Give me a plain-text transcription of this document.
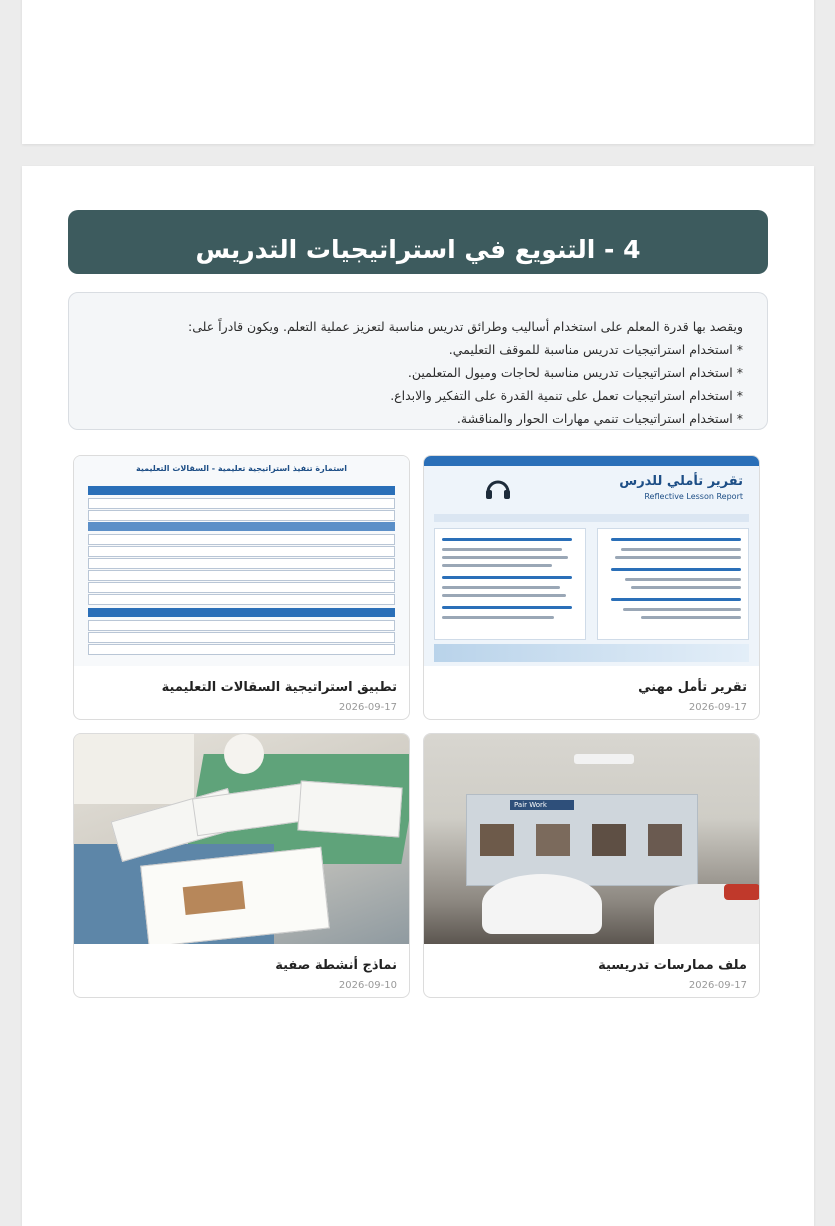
4 - التنويع في استراتيجيات التدريس
ويقصد بها قدرة المعلم على استخدام أساليب وطرائق تدريس مناسبة لتعزيز عملية التعلم. ويكون قادراً على:
* استخدام استراتيجيات تدريس مناسبة للموقف التعليمي.
* استخدام استراتيجيات تدريس مناسبة لحاجات وميول المتعلمين.
* استخدام استراتيجيات تعمل على تنمية القدرة على التفكير والابداع.
* استخدام استراتيجيات تنمي مهارات الحوار والمناقشة.
تقرير تأملي للدرس
Reflective Lesson Report
تقرير تأمل مهني
2026-09-17
استمارة تنفيذ استراتيجية تعليمية - السقالات التعليمية
تطبيق استراتيجية السقالات التعليمية
2026-09-17
Pair Work
ملف ممارسات تدريسية
2026-09-17
نماذج أنشطة صفية
2026-09-10
